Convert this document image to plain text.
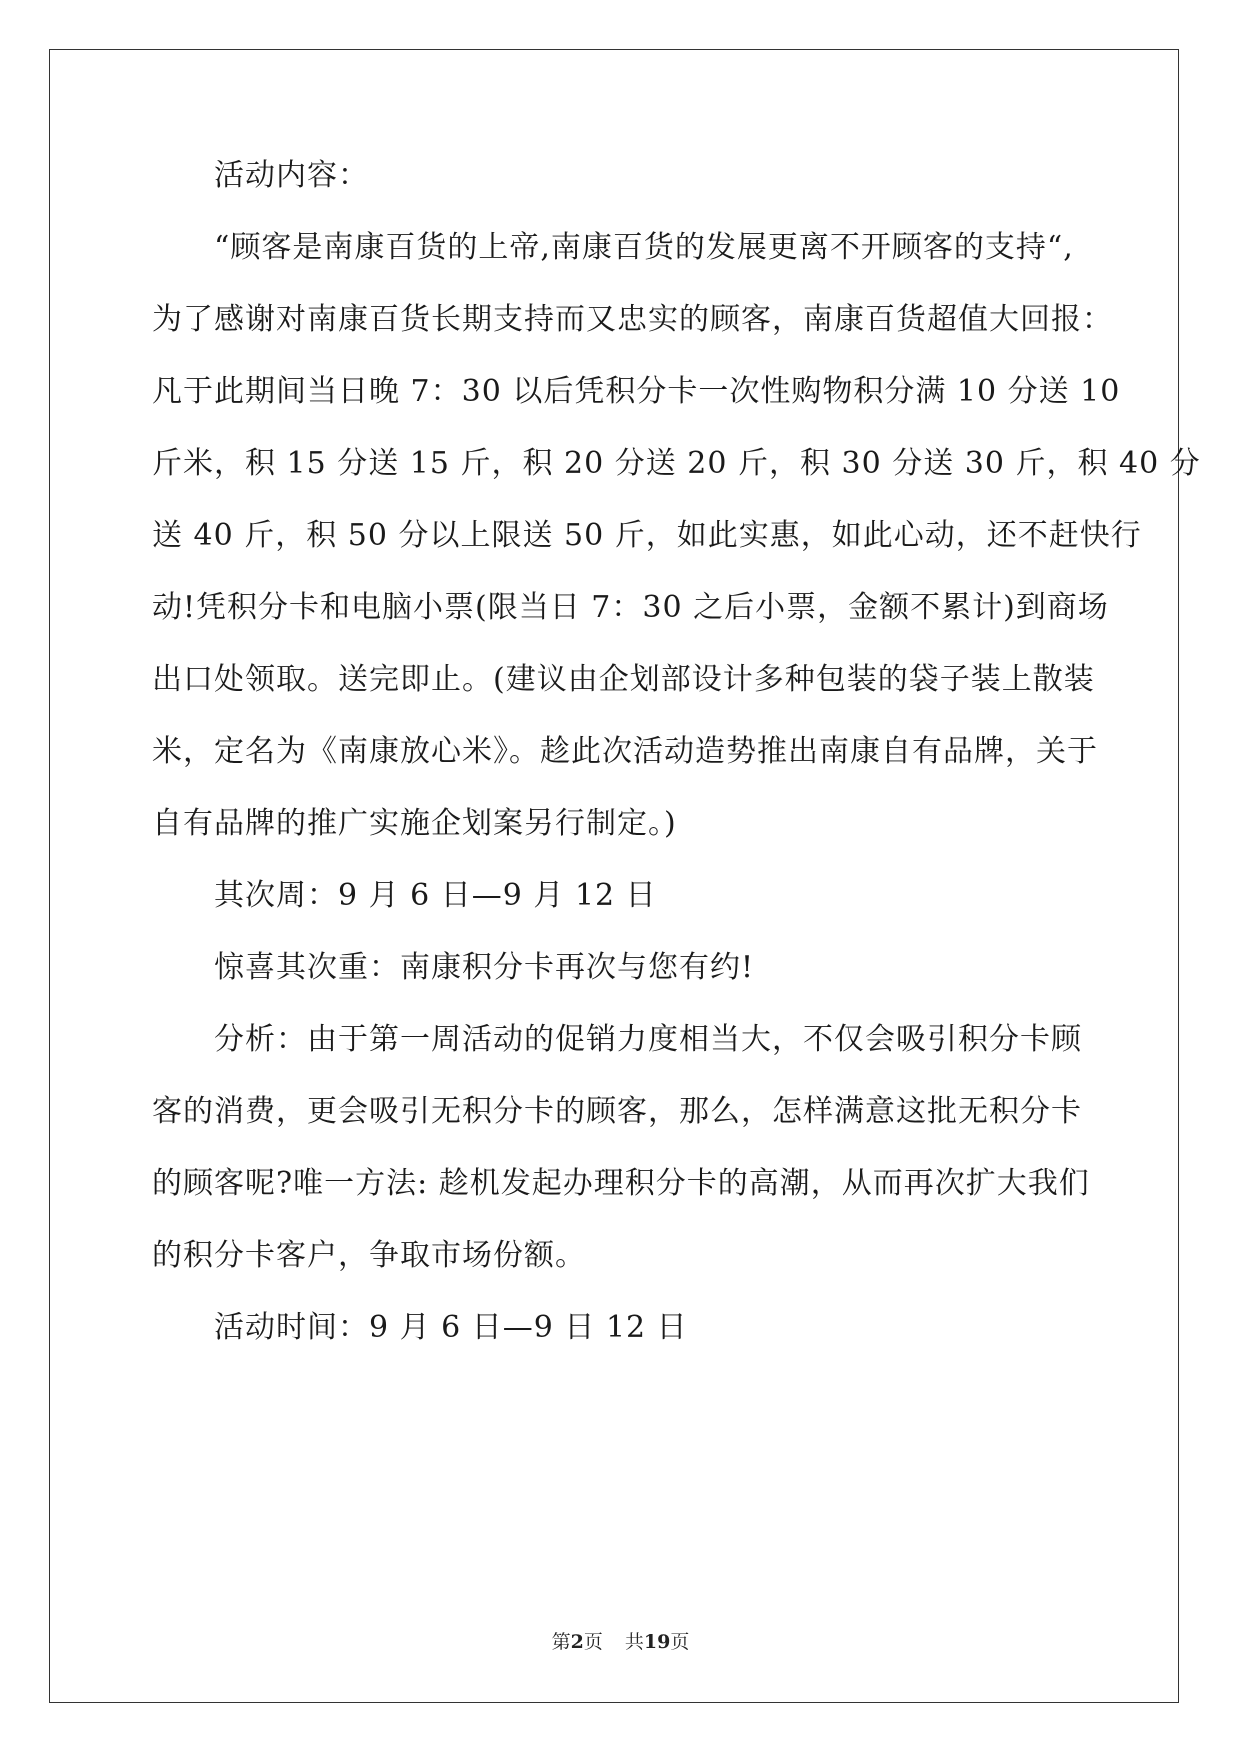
活动内容：
“顾客是南康百货的上帝,南康百货的发展更离不开顾客的支持“,
为了感谢对南康百货长期支持而又忠实的顾客，南康百货超值大回报：
凡于此期间当日晚 7：30 以后凭积分卡一次性购物积分满 10 分送 10
斤米，积 15 分送 15 斤，积 20 分送 20 斤，积 30 分送 30 斤，积 40 分
送 40 斤，积 50 分以上限送 50 斤，如此实惠，如此心动，还不赶快行
动!凭积分卡和电脑小票(限当日 7：30 之后小票，金额不累计)到商场
出口处领取。送完即止。(建议由企划部设计多种包装的袋子装上散装
米，定名为《南康放心米》。趁此次活动造势推出南康自有品牌，关于
自有品牌的推广实施企划案另行制定。)
其次周：9 月 6 日—9 月 12 日
惊喜其次重：南康积分卡再次与您有约!
分析：由于第一周活动的促销力度相当大，不仅会吸引积分卡顾
客的消费，更会吸引无积分卡的顾客，那么，怎样满意这批无积分卡
的顾客呢?唯一方法: 趁机发起办理积分卡的高潮，从而再次扩大我们
的积分卡客户，争取市场份额。
活动时间：9 月 6 日—9 日 12 日
第2页 共19页
